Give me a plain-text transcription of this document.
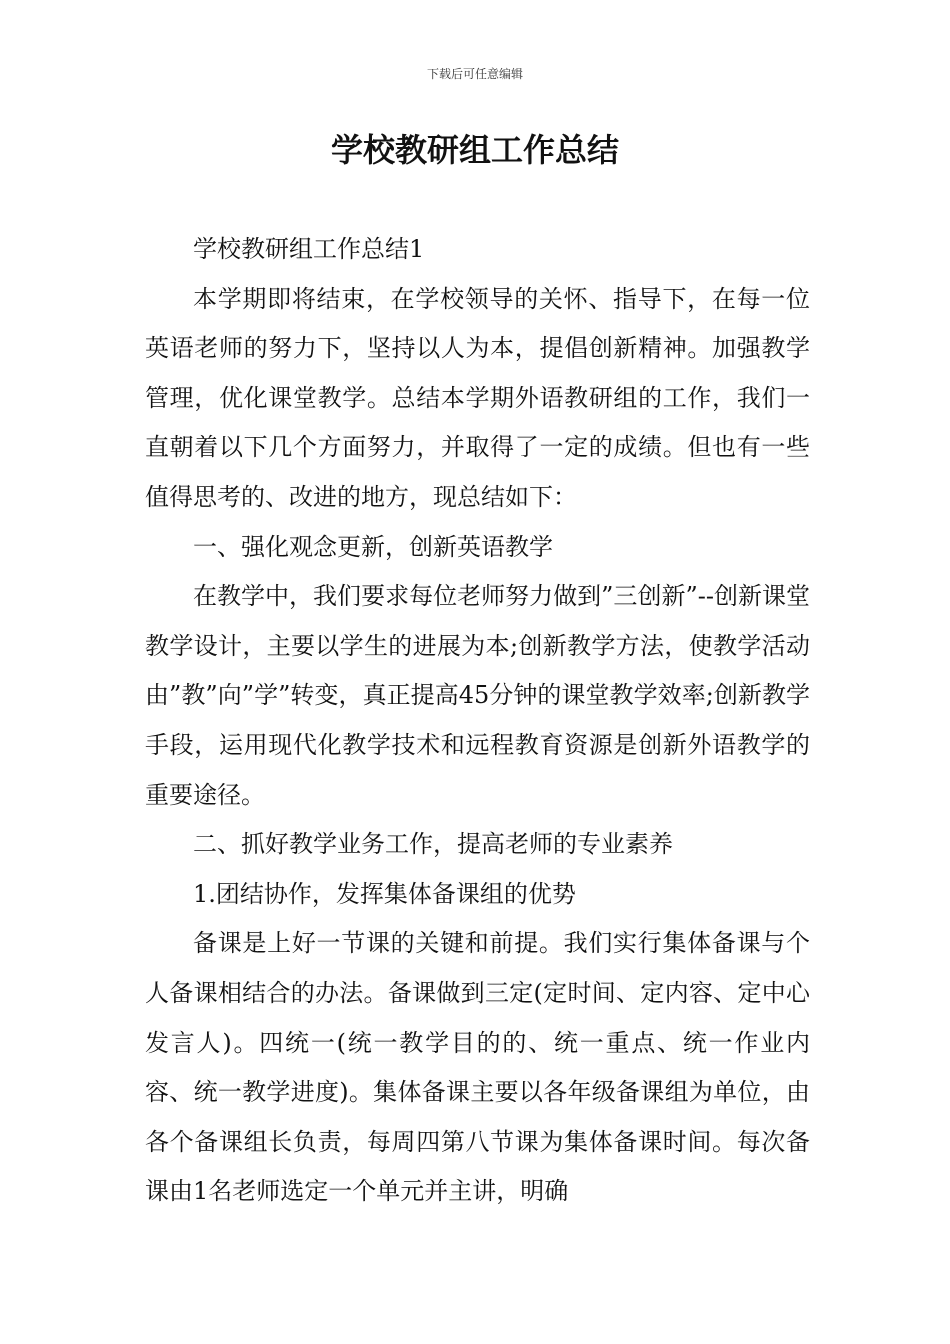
下载后可任意编辑
学校教研组工作总结

学校教研组工作总结1

本学期即将结束，在学校领导的关怀、指导下，在每一位英语老师的努力下，坚持以人为本，提倡创新精神。加强教学管理，优化课堂教学。总结本学期外语教研组的工作，我们一直朝着以下几个方面努力，并取得了一定的成绩。但也有一些值得思考的、改进的地方，现总结如下：

一、强化观念更新，创新英语教学

在教学中，我们要求每位老师努力做到”三创新”--创新课堂教学设计，主要以学生的进展为本;创新教学方法，使教学活动由”教”向”学”转变，真正提高45分钟的课堂教学效率;创新教学手段，运用现代化教学技术和远程教育资源是创新外语教学的重要途径。

二、抓好教学业务工作，提高老师的专业素养

1.团结协作，发挥集体备课组的优势

备课是上好一节课的关键和前提。我们实行集体备课与个人备课相结合的办法。备课做到三定(定时间、定内容、定中心发言人)。四统一(统一教学目的的、统一重点、统一作业内容、统一教学进度)。集体备课主要以各年级备课组为单位，由各个备课组长负责，每周四第八节课为集体备课时间。每次备课由1名老师选定一个单元并主讲，明确
